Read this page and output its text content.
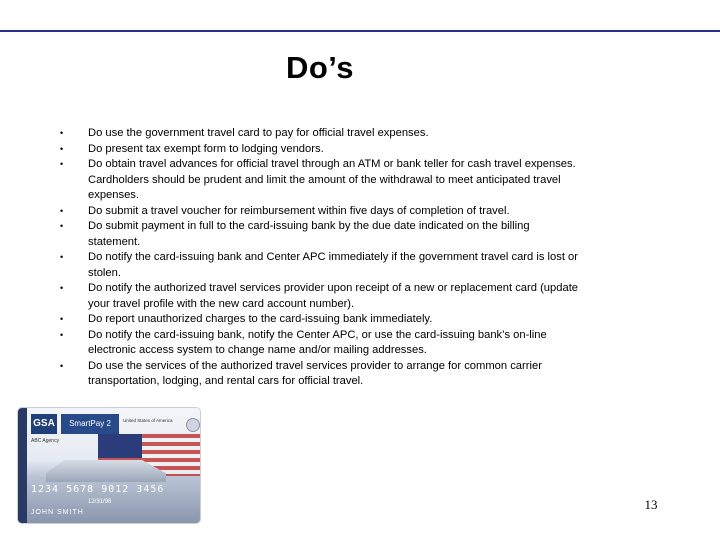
Do’s
•	Do use the government travel card to pay for official travel expenses.
•	Do present tax exempt form to lodging vendors.
•	Do obtain travel advances for official travel through an ATM or bank teller for cash travel expenses. Cardholders should be prudent and limit the amount of the withdrawal to meet anticipated travel expenses.
•	Do submit a travel voucher for reimbursement within five days of completion of travel.
•	Do submit payment in full to the card-issuing bank by the due date indicated on the billing statement.
•	Do notify the card-issuing bank and Center APC immediately if the government travel card is lost or stolen.
•	Do notify the authorized travel services provider upon receipt of a new or replacement card (update your travel profile with the new card account number).
•	Do report unauthorized charges to the card-issuing bank immediately.
•	Do notify the card-issuing bank, notify the Center APC, or use the card-issuing bank’s on-line electronic access system to change name and/or mailing addresses.
•	Do use the services of the authorized travel services provider to arrange for common carrier transportation, lodging, and rental cars for official travel.
GSA	SmartPay 2	United States of America
ABC Agency
1234 5678 9012 3456
12/31/98
JOHN SMITH
13
